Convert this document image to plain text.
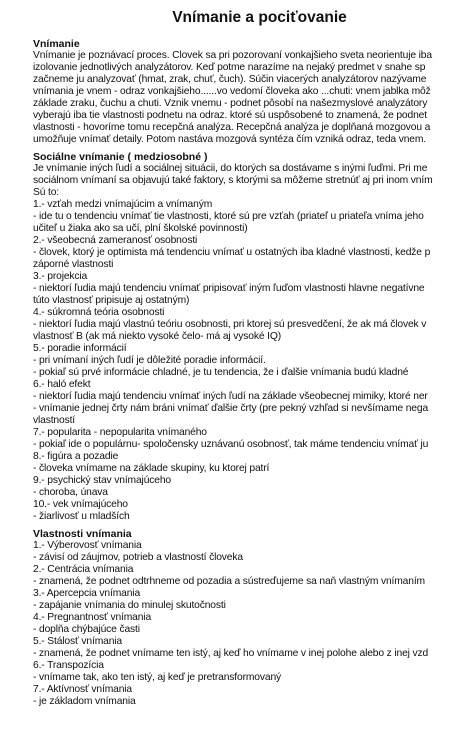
Vnímanie a pociťovanie
Vnímanie
Vnímanie je poznávací proces. Clovek sa pri pozorovaní vonkajšieho sveta neorientuje iba
izolovanie jednotlivých analyzátorov. Keď potme narazíme na nejaký predmet v snahe sp
začneme ju analyzovať (hmat, zrak, chuť, čuch). Súčin viacerých analyzátorov nazývame
vnímania je vnem - odraz vonkajšieho......vo vedomí človeka ako ...chuti: vnem jablka môž
základe zraku, čuchu a chuti. Vznik vnemu - podnet pôsobí na našezmyslové analyzátory
vyberajú iba tie vlastnosti podnetu na odraz. ktoré sú uspôsobené to znamená, že podnet
vlastnosti - hovoríme tomu recepčná analýza. Recepčná analýza je doplňaná mozgovou a
umožňuje vnímať detaily. Potom nastáva mozgová syntéza čím vzniká odraz, teda vnem.
Sociálne vnímanie ( medziosobné )
Je vnímanie iných ľudí a sociálnej situácii, do ktorých sa dostávame s inými ľuďmi. Pri me
sociálnom vnímaní sa objavujú také faktory, s ktorými sa môžeme stretnúť aj pri inom vním
Sú to:
1.- vzťah medzi vnímajúcim a vnímaným
- ide tu o tendenciu vnímať tie vlastnosti, ktoré sú pre vzťah (priateľ u priateľa vníma jeho
učiteľ u žiaka ako sa učí, plní školské povinnosti)
2.- všeobecná zameranosť osobnosti
- človek, ktorý je optimista má tendenciu vnímať u ostatných iba kladné vlastnosti, kedže p
záporné vlastnosti
3.- projekcia
- niektorí ľudia majú tendenciu vnímať pripisovať iným ľuďom vlastnosti hlavne negatívne
túto vlastnosť pripisuje aj ostatným)
4.- súkromná teória osobnosti
- niektorí ľudia majú vlastnú teóriu osobnosti, pri ktorej sú presvedčení, že ak má človek v
vlastnosť B (ak má niekto vysoké čelo- má aj vysoké IQ)
5.- poradie informácií
- pri vnímaní iných ľudí je dôležité poradie informácií.
- pokiaľ sú prvé informácie chladné, je tu tendencia, že i ďalšie vnímania budú kladné
6.- haló efekt
- niektorí ľudia majú tendenciu vnímať iných ľudí na základe všeobecnej mimiky, ktoré ner
- vnímanie jednej črty nám bráni vnímať ďalšie črty (pre pekný vzhľad si nevšímame nega
vlastností
7.- popularita - nepopularita vnímaného
- pokiaľ ide o populárnu- spoločensky uznávanú osobnosť, tak máme tendenciu vnímať ju
8.- figúra a pozadie
- človeka vnímame na základe skupiny, ku ktorej patrí
9.- psychický stav vnímajúceho
- choroba, únava
10.- vek vnímajúceho
- žiarlivosť u mladších
Vlastnosti vnímania
1.- Výberovosť vnímania
- závisí od záujmov, potrieb a vlastností človeka
2.- Centrácia vnímania
- znamená, že podnet odtrhneme od pozadia a sústreďujeme sa naň vlastným vnímaním
3.- Apercepcia vnímania
- zapájanie vnímania do minulej skutočnosti
4.- Pregnantnosť vnímania
- doplňa chýbajúce časti
5.- Stálosť vnímania
- znamená, že podnet vnímame ten istý, aj keď ho vnímame v inej polohe alebo z inej vzd
6.- Transpozícia
- vnímame tak, ako ten istý, aj keď je pretransformovaný
7.- Aktívnosť vnímania
- je základom vnímania
